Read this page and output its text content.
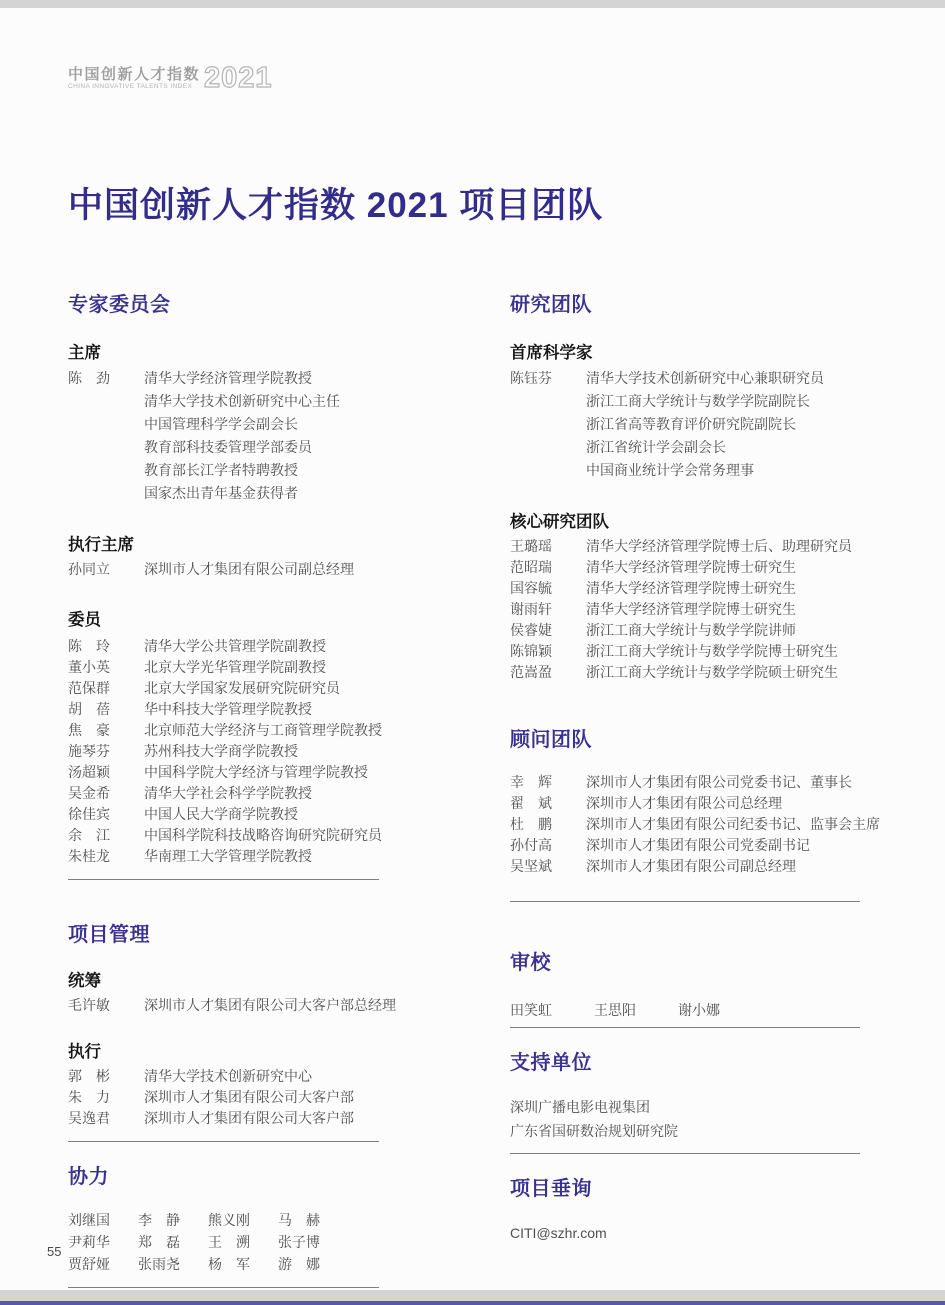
中国创新人才指数
CHINA INNOVATIVE TALENTS INDEX 2021
中国创新人才指数 2021 项目团队
专家委员会
主席
陈　劲	清华大学经济管理学院教授
清华大学技术创新研究中心主任
中国管理科学学会副会长
教育部科技委管理学部委员
教育部长江学者特聘教授
国家杰出青年基金获得者
执行主席
孙同立	深圳市人才集团有限公司副总经理
委员
陈　玲	清华大学公共管理学院副教授
董小英	北京大学光华管理学院副教授
范保群	北京大学国家发展研究院研究员
胡　蓓	华中科技大学管理学院教授
焦　豪	北京师范大学经济与工商管理学院教授
施琴芬	苏州科技大学商学院教授
汤超颖	中国科学院大学经济与管理学院教授
吴金希	清华大学社会科学学院教授
徐佳宾	中国人民大学商学院教授
余　江	中国科学院科技战略咨询研究院研究员
朱桂龙	华南理工大学管理学院教授
项目管理
统筹
毛许敏	深圳市人才集团有限公司大客户部总经理
执行
郭　彬	清华大学技术创新研究中心
朱　力	深圳市人才集团有限公司大客户部
吴逸君	深圳市人才集团有限公司大客户部
协力
刘继国	李　静	熊义刚	马　赫
尹莉华	郑　磊	王　溯	张子博
贾舒娅	张雨尧	杨　军	游　娜
研究团队
首席科学家
陈钰芬	清华大学技术创新研究中心兼职研究员
浙江工商大学统计与数学学院副院长
浙江省高等教育评价研究院副院长
浙江省统计学会副会长
中国商业统计学会常务理事
核心研究团队
王璐瑶	清华大学经济管理学院博士后、助理研究员
范昭瑞	清华大学经济管理学院博士研究生
国容毓	清华大学经济管理学院博士研究生
谢雨轩	清华大学经济管理学院博士研究生
侯睿婕	浙江工商大学统计与数学学院讲师
陈锦颖	浙江工商大学统计与数学学院博士研究生
范嵩盈	浙江工商大学统计与数学学院硕士研究生
顾问团队
幸　辉	深圳市人才集团有限公司党委书记、董事长
翟　斌	深圳市人才集团有限公司总经理
杜　鹏	深圳市人才集团有限公司纪委书记、监事会主席
孙付高	深圳市人才集团有限公司党委副书记
吴坚斌	深圳市人才集团有限公司副总经理
审校
田笑虹	王思阳	谢小娜
支持单位
深圳广播电影电视集团
广东省国研数治规划研究院
项目垂询
CITI@szhr.com
55
